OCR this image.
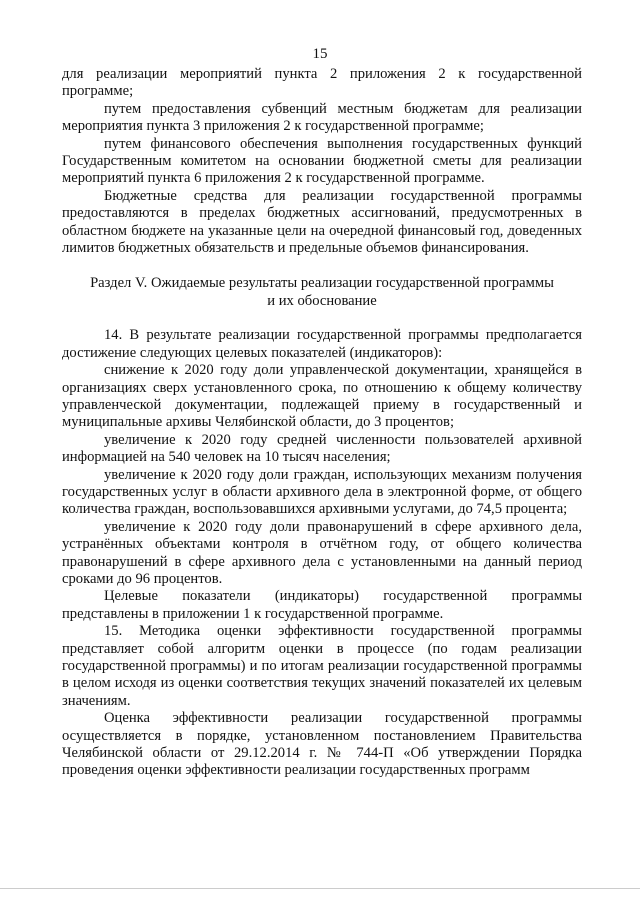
15

для реализации мероприятий пункта 2 приложения 2 к государственной программе;

путем предоставления субвенций местным бюджетам для реализации мероприятия пункта 3 приложения 2 к государственной программе;

путем финансового обеспечения выполнения государственных функций Государственным комитетом на основании бюджетной сметы для реализации мероприятий пункта 6 приложения 2 к государственной программе.

Бюджетные средства для реализации государственной программы предоставляются в пределах бюджетных ассигнований, предусмотренных в областном бюджете на указанные цели на очередной финансовый год, доведенных лимитов бюджетных обязательств и предельные объемов финансирования.

Раздел V. Ожидаемые результаты реализации государственной программы
и их обоснование

14. В результате реализации государственной программы предполагается достижение следующих целевых показателей (индикаторов):

снижение к 2020 году доли управленческой документации, хранящейся в организациях сверх установленного срока, по отношению к общему количеству управленческой документации, подлежащей приему в государственный и муниципальные архивы Челябинской области, до 3 процентов;

увеличение к 2020 году средней численности пользователей архивной информацией на 540 человек на 10 тысяч населения;

увеличение к 2020 году доли граждан, использующих механизм получения государственных услуг в области архивного дела в электронной форме, от общего количества граждан, воспользовавшихся архивными услугами, до 74,5 процента;

увеличение к 2020 году доли правонарушений в сфере архивного дела, устранённых объектами контроля в отчётном году, от общего количества правонарушений в сфере архивного дела с установленными на данный период сроками до 96 процентов.

Целевые показатели (индикаторы) государственной программы представлены в приложении 1 к государственной программе.

15. Методика оценки эффективности государственной программы представляет собой алгоритм оценки в процессе (по годам реализации государственной программы) и по итогам реализации государственной программы в целом исходя из оценки соответствия текущих значений показателей их целевым значениям.

Оценка эффективности реализации государственной программы осуществляется в порядке, установленном постановлением Правительства Челябинской области от 29.12.2014 г. № 744-П «Об утверждении Порядка проведения оценки эффективности реализации государственных программ
